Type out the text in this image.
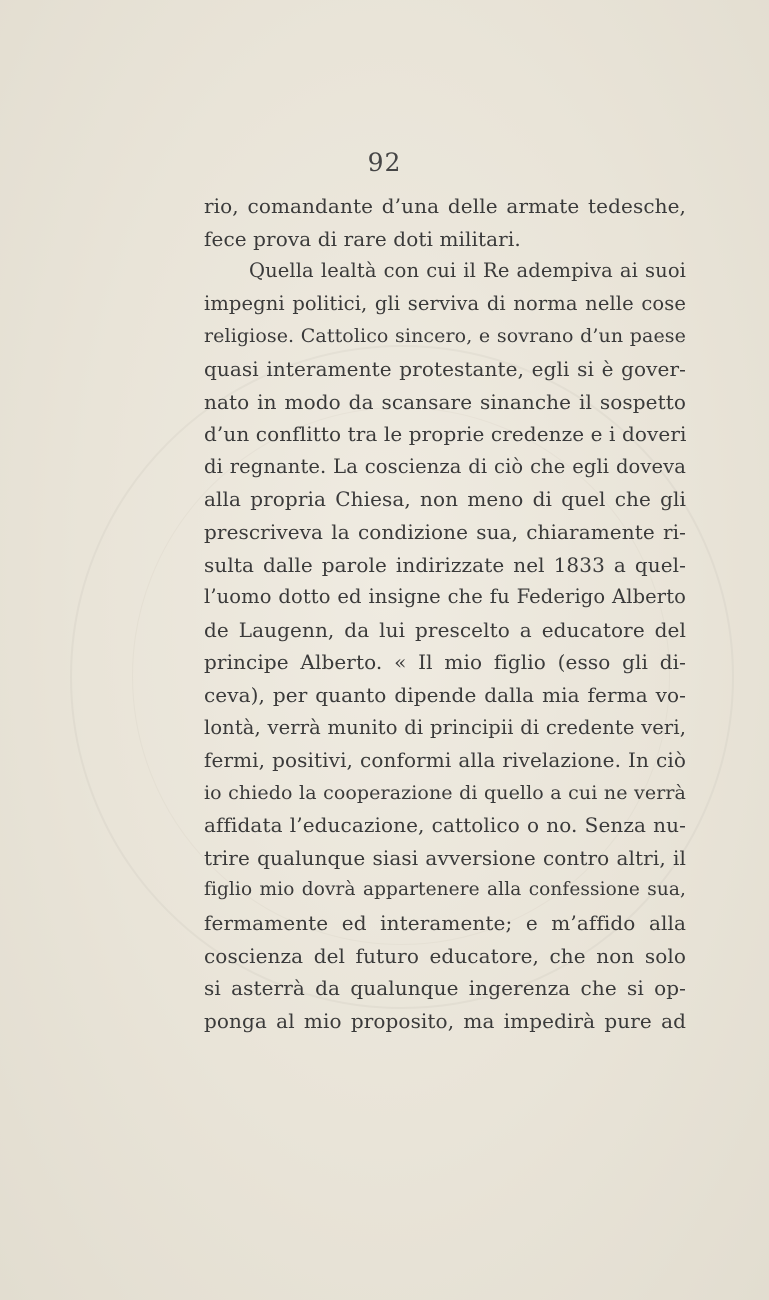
92
rio, comandante d’una delle armate tedesche,
fece prova di rare doti militari.
Quella lealtà con cui il Re adempiva ai suoi
impegni politici, gli serviva di norma nelle cose
religiose. Cattolico sincero, e sovrano d’un paese
quasi interamente protestante, egli si è gover-
nato in modo da scansare sinanche il sospetto
d’un conflitto tra le proprie credenze e i doveri
di regnante. La coscienza di ciò che egli doveva
alla propria Chiesa, non meno di quel che gli
prescriveva la condizione sua, chiaramente ri-
sulta dalle parole indirizzate nel 1833 a quel-
l’uomo dotto ed insigne che fu Federigo Alberto
de Laugenn, da lui prescelto a educatore del
principe Alberto. « Il mio figlio (esso gli di-
ceva), per quanto dipende dalla mia ferma vo-
lontà, verrà munito di principii di credente veri,
fermi, positivi, conformi alla rivelazione. In ciò
io chiedo la cooperazione di quello a cui ne verrà
affidata l’educazione, cattolico o no. Senza nu-
trire qualunque siasi avversione contro altri, il
figlio mio dovrà appartenere alla confessione sua,
fermamente ed interamente; e m’affido alla
coscienza del futuro educatore, che non solo
si asterrà da qualunque ingerenza che si op-
ponga al mio proposito, ma impedirà pure ad
